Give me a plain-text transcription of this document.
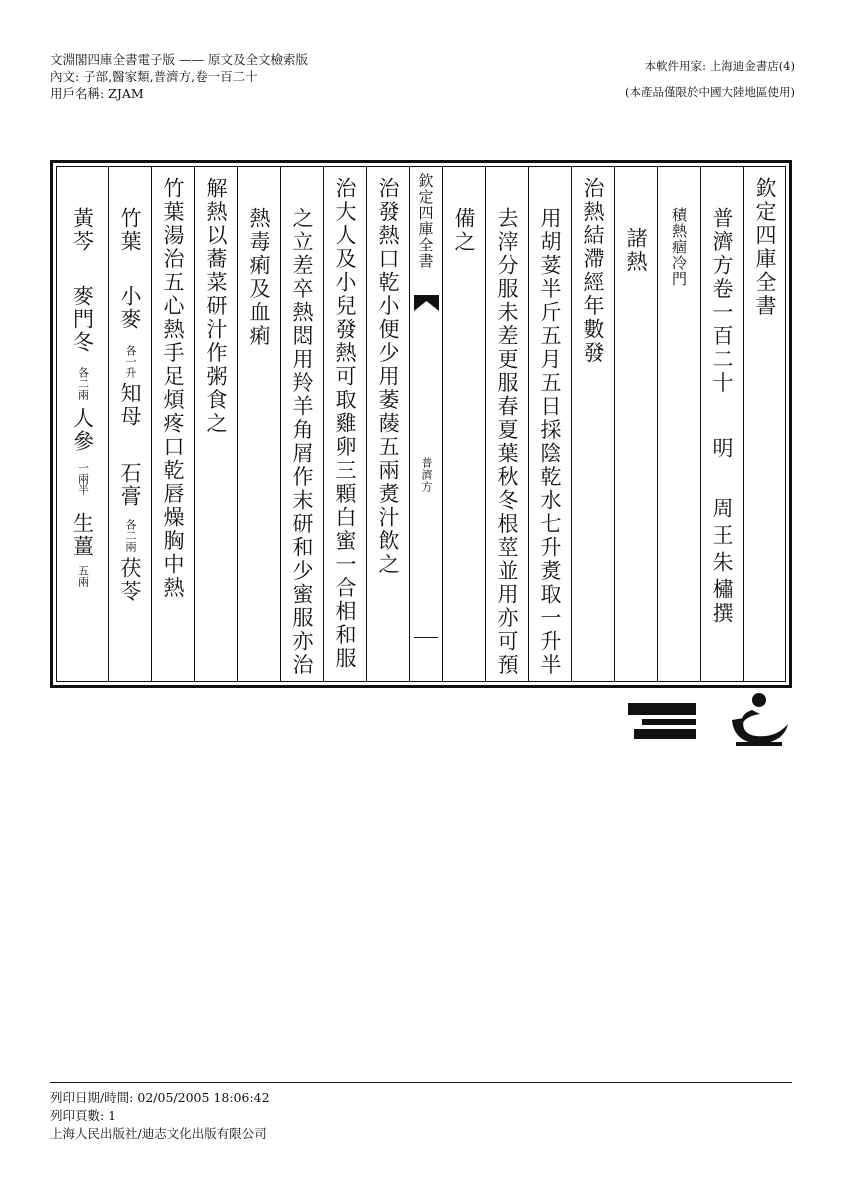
文淵閣四庫全書電子版 —— 原文及全文檢索版
內文: 子部,醫家類,普濟方,卷一百二十
用戶名稱: ZJAM
本軟件用家: 上海迪金書店(4)
(本產品僅限於中國大陸地區使用)
欽定四庫全書
普濟方卷一百二十
明
周王朱橚
撰
積熱痼冷門
諸熱
治熱結滯經年數發
用胡荽半斤五月五日採陰乾水七升煑取一升半
去滓分服未差更服春夏葉秋冬根莖並用亦可預
備之
欽定四庫全書
普濟方
治發熱口乾小便少用萎䔖五兩煑汁飲之
治大人及小兒發熱可取雞卵三顆白蜜一合相和服
之立差卒熱悶用羚羊角屑作末研和少蜜服亦治
熱毒痢及血痢
解熱以蕎菜研汁作粥食之
竹葉湯治五心熱手足煩疼口乾唇燥胸中熱
竹葉
小麥
各一升
知母
石膏
各二兩
茯苓
黃芩
麥門冬
各二兩
人參
一兩半
生薑
五兩
列印日期/時間: 02/05/2005 18:06:42
列印頁數: 1
上海人民出版社/迪志文化出版有限公司
